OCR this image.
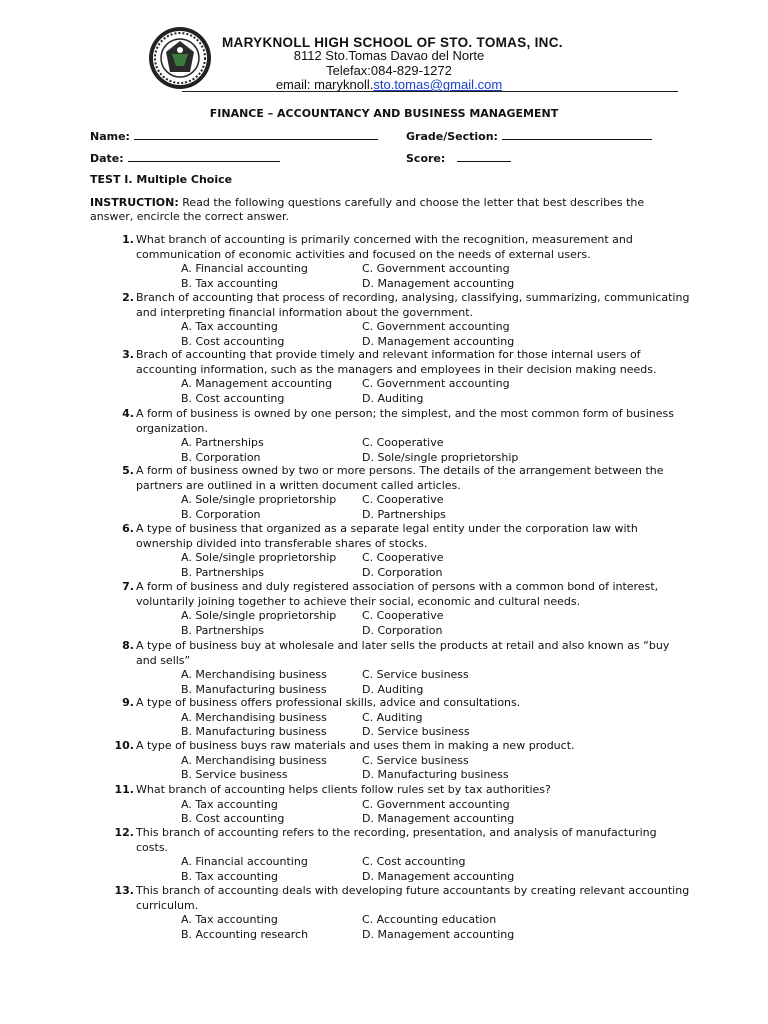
MARYKNOLL HIGH SCHOOL OF STO. TOMAS, INC.
8112 Sto.Tomas Davao del Norte
Telefax:084-829-1272
email: maryknoll.sto.tomas@gmail.com
FINANCE – ACCOUNTANCY AND BUSINESS MANAGEMENT
Name:	Grade/Section:
Date:	Score:
TEST I. Multiple Choice
INSTRUCTION: Read the following questions carefully and choose the letter that best describes the answer, encircle the correct answer.
1. What branch of accounting is primarily concerned with the recognition, measurement and communication of economic activities and focused on the needs of external users.
A. Financial accounting	C. Government accounting
B. Tax accounting	D. Management accounting
2. Branch of accounting that process of recording, analysing, classifying, summarizing, communicating and interpreting financial information about the government.
A. Tax accounting	C. Government accounting
B. Cost accounting	D. Management accounting
3. Brach of accounting that provide timely and relevant information for those internal users of accounting information, such as the managers and employees in their decision making needs.
A. Management accounting	C. Government accounting
B. Cost accounting	D. Auditing
4. A form of business is owned by one person; the simplest, and the most common form of business organization.
A. Partnerships	C. Cooperative
B. Corporation	D. Sole/single proprietorship
5. A form of business owned by two or more persons. The details of the arrangement between the partners are outlined in a written document called articles.
A. Sole/single proprietorship	C. Cooperative
B. Corporation	D. Partnerships
6. A type of business that organized as a separate legal entity under the corporation law with ownership divided into transferable shares of stocks.
A. Sole/single proprietorship	C. Cooperative
B. Partnerships	D. Corporation
7. A form of business and duly registered association of persons with a common bond of interest, voluntarily joining together to achieve their social, economic and cultural needs.
A. Sole/single proprietorship	C. Cooperative
B. Partnerships	D. Corporation
8. A type of business buy at wholesale and later sells the products at retail and also known as “buy and sells”
A. Merchandising business	C. Service business
B. Manufacturing business	D. Auditing
9. A type of business offers professional skills, advice and consultations.
A. Merchandising business	C. Auditing
B. Manufacturing business	D. Service business
10. A type of business buys raw materials and uses them in making a new product.
A. Merchandising business	C. Service business
B. Service business	D. Manufacturing business
11. What branch of accounting helps clients follow rules set by tax authorities?
A. Tax accounting	C. Government accounting
B. Cost accounting	D. Management accounting
12. This branch of accounting refers to the recording, presentation, and analysis of manufacturing costs.
A. Financial accounting	C. Cost accounting
B. Tax accounting	D. Management accounting
13. This branch of accounting deals with developing future accountants by creating relevant accounting curriculum.
A. Tax accounting	C. Accounting education
B. Accounting research	D. Management accounting
